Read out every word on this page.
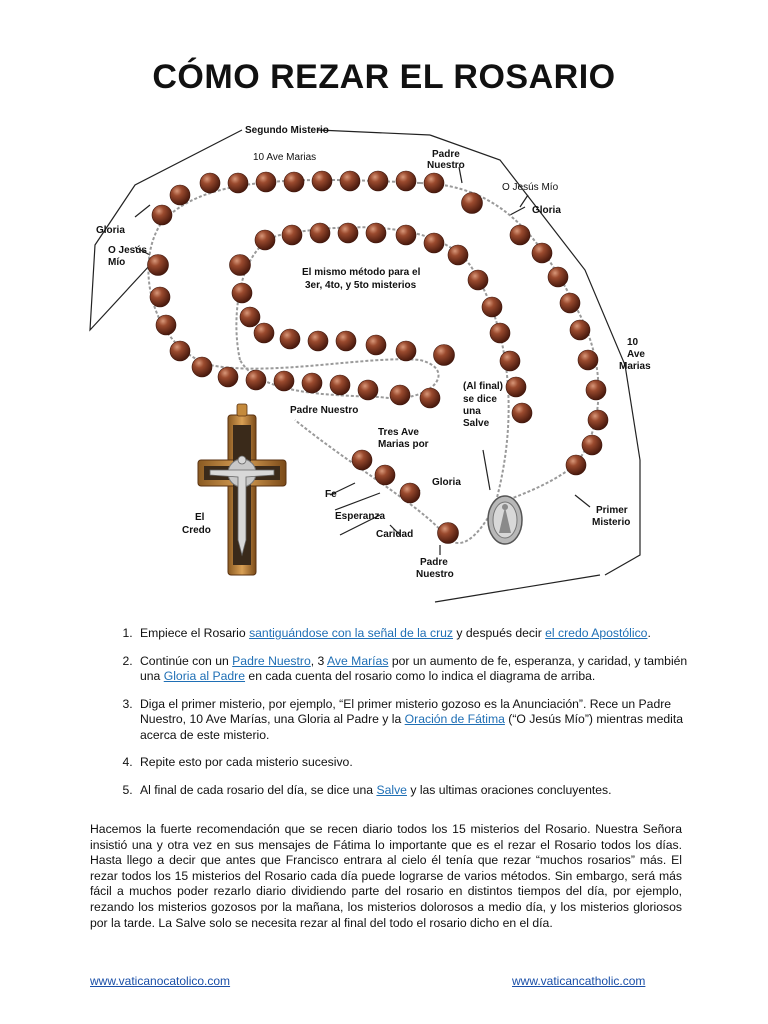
CÓMO REZAR EL ROSARIO
Segundo Misterio
10 Ave Marias	Padre
Nuestro
O Jesús Mío
Gloria
Gloria
O Jesús
Mío
El mismo método para el
3er, 4to, y 5to misterios
10
Ave
Marias
(Al final)
se dice
una
Salve
Padre Nuestro
Tres Ave
Marias por
Gloria
Fe
Esperanza
Caridad
Padre
Nuestro
Primer
Misterio
El
Credo
1. Empiece el Rosario santiguándose con la señal de la cruz y después decir el credo Apostólico.
2. Continúe con un Padre Nuestro, 3 Ave Marías por un aumento de fe, esperanza, y caridad, y también una Gloria al Padre en cada cuenta del rosario como lo indica el diagrama de arriba.
3. Diga el primer misterio, por ejemplo, “El primer misterio gozoso es la Anunciación”. Rece un Padre Nuestro, 10 Ave Marías, una Gloria al Padre y la Oración de Fátima (“O Jesús Mío”) mientras medita acerca de este misterio.
4. Repite esto por cada misterio sucesivo.
5. Al final de cada rosario del día, se dice una Salve y las ultimas oraciones concluyentes.

Hacemos la fuerte recomendación que se recen diario todos los 15 misterios del Rosario. Nuestra Señora insistió una y otra vez en sus mensajes de Fátima lo importante que es el rezar el Rosario todos los días. Hasta llego a decir que antes que Francisco entrara al cielo él tenía que rezar “muchos rosarios” más. El rezar todos los 15 misterios del Rosario cada día puede lograrse de varios métodos. Sin embargo, será más fácil a muchos poder rezarlo diario dividiendo parte del rosario en distintos tiempos del día, por ejemplo, rezando los misterios gozosos por la mañana, los misterios dolorosos a medio día, y los misterios gloriosos por la tarde. La Salve solo se necesita rezar al final del todo el rosario dicho en el día.

www.vaticanocatolico.com	www.vaticancatholic.com
